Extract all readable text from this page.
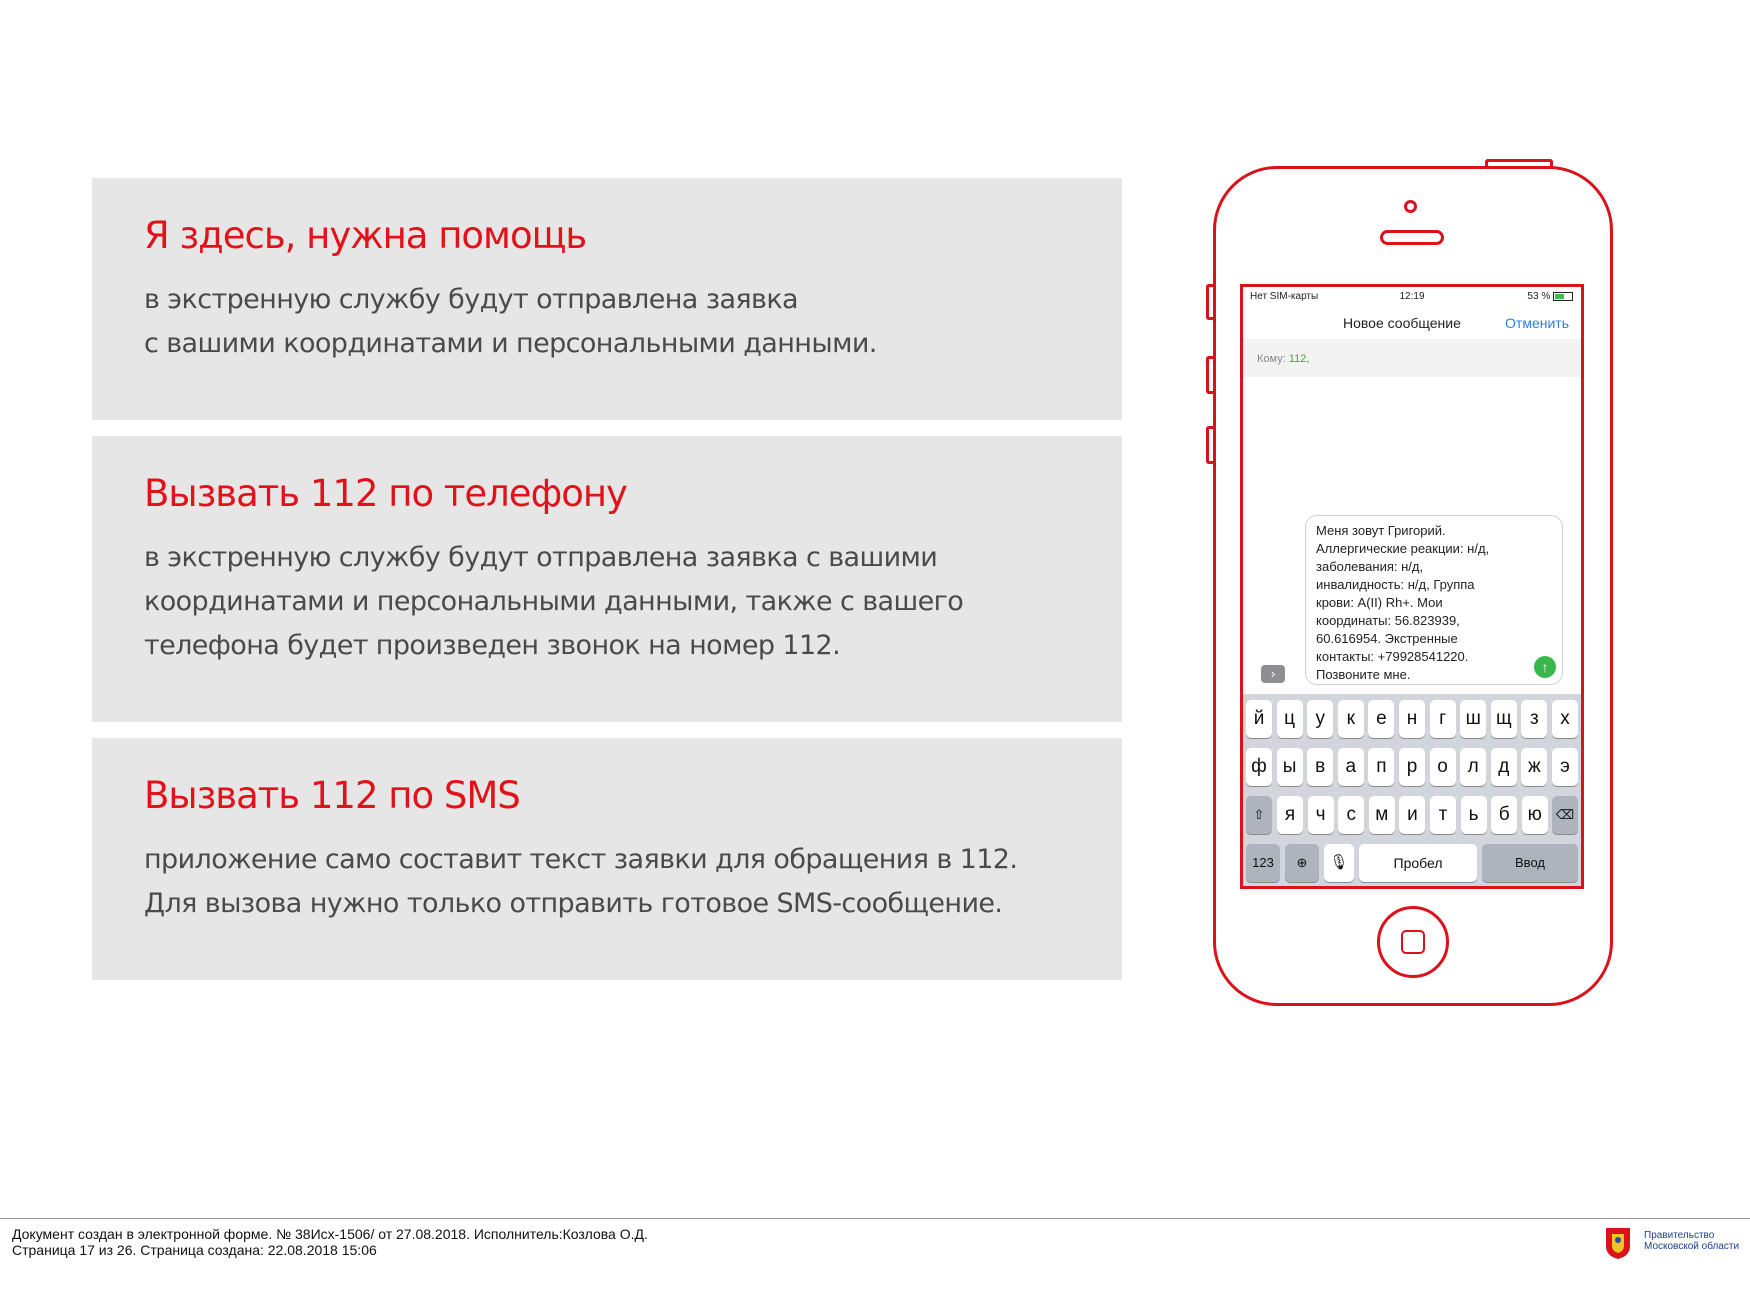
Я здесь, нужна помощь

в экстренную службу будут отправлена заявка
с вашими координатами и персональными данными.

Вызвать 112 по телефону

в экстренную службу будут отправлена заявка с вашими
координатами и персональными данными, также с вашего
телефона будет произведен звонок на номер 112.

Вызвать 112 по SMS

приложение само составит текст заявки для обращения в 112.
Для вызова нужно только отправить готовое SMS-сообщение.

Нет SIM-карты	12:19	53 %
Новое сообщение	Отменить
Кому: 112,

Меня зовут Григорий.
Аллергические реакции: н/д,
заболевания: н/д,
инвалидность: н/д, Группа
крови: A(II) Rh+. Мои
координаты: 56.823939,
60.616954. Экстренные
контакты: +79928541220.
Позвоните мне.	↑
›
й	ц	у	к	е	н	г	ш щ з	х
ф ы в	а	п	р	о	л	д ж	э
⇧	я	ч	с	м и	т	ь	б ю	⌫
123	⊕	🎙	Пробел	Ввод
Документ создан в электронной форме. № 38Исх-1506/ от 27.08.2018. Исполнитель:Козлова О.Д.
Страница 17 из 26. Страница создана: 22.08.2018 15:06
Правительство
Московской области
